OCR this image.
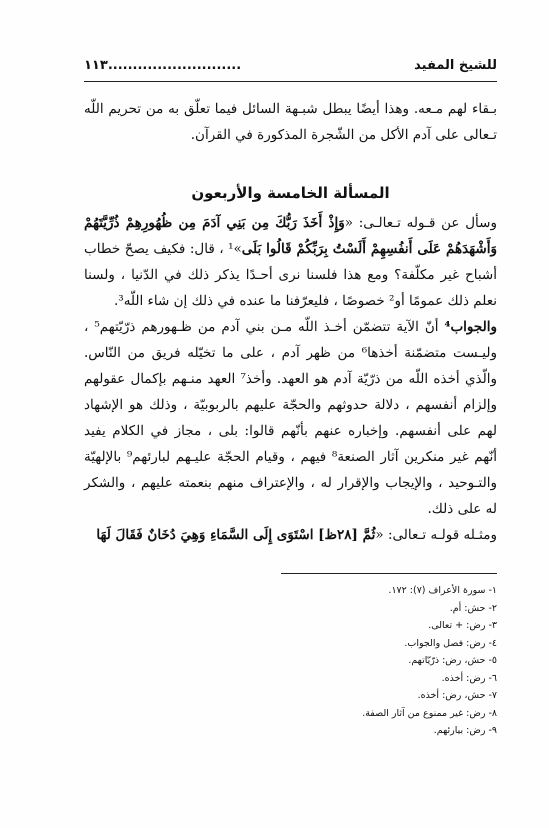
للشيخ المفيد
١١٣...........................

بـقاء لهم مـعه. وهذا أيضًا يبطل شبـهة السائل فيما تعلّق به من تحريم اللّه تـعالى على آدم الأكل من الشّجرة المذكورة في القرآن.

المسألة الخامسة والأربعون

وسأل عن قـوله تـعالـى: «وَإِذْ أَخَذَ رَبُّكَ مِن بَنِي آدَمَ مِن ظُهُورِهِمْ ذُرِّيَّتَهُمْ وَأَشْهَدَهُمْ عَلَى أَنفُسِهِمْ أَلَسْتُ بِرَبِّكُمْ قَالُوا بَلَى»¹ ، قال: فكيف يصحّ خطاب أشباح غير مكلّفة؟ ومع هذا فلسنا نرى أحـدًا يذكر ذلك في الدّنيا ، ولسنا نعلم ذلك عمومًا أو² خصوصًا ، فليعرّفنا ما عنده في ذلك إن شاء اللّه³.

والجواب⁴ أنّ الآية تتضمّن أخـذ اللّه مـن بني آدم من ظـهورهم ذرّيّتهم⁵ ، وليـست متضمّنة أخذها⁶ من ظهر آدم ، على ما تخيّله فريق من النّاس. والّذي أخذه اللّه من ذرّيّة آدم هو العهد. وأخذ⁷ العهد منـهم بإكمال عقولهم وإلزام أنفسهم ، دلالة حدوثهم والحجّة عليهم بالربوبيّة ، وذلك هو الإشهاد لهم على أنفسهم. وإخباره عنهم بأنّهم قالوا: بلى ، مجاز في الكلام يفيد أنّهم غير منكرين آثار الصنعة⁸ فيهم ، وقيام الحجّة عليـهم لبارئهم⁹ بالإلهيّة والتـوحيد ، والإيجاب والإقرار له ، والإعتراف منهم بنعمته عليهم ، والشكر له على ذلك.

ومثـله قولـه تـعالى: «ثُمَّ [٢٨ظ] اسْتَوَى إِلَى السَّمَاءِ وَهِيَ دُخَانٌ فَقَالَ لَهَا

١- سورة الأعراف (٧): ١٧٢.
٢- حش: أم.
٣- رض: + تعالى.
٤- رض: فصل والجواب.
٥- حش، رض: ذرّيّاتهم.
٦- رض: أخذه.
٧- حش، رض: أخذه.
٨- رض: غير ممنوع من آثار الصفة.
٩- رض: بيارئهم.
